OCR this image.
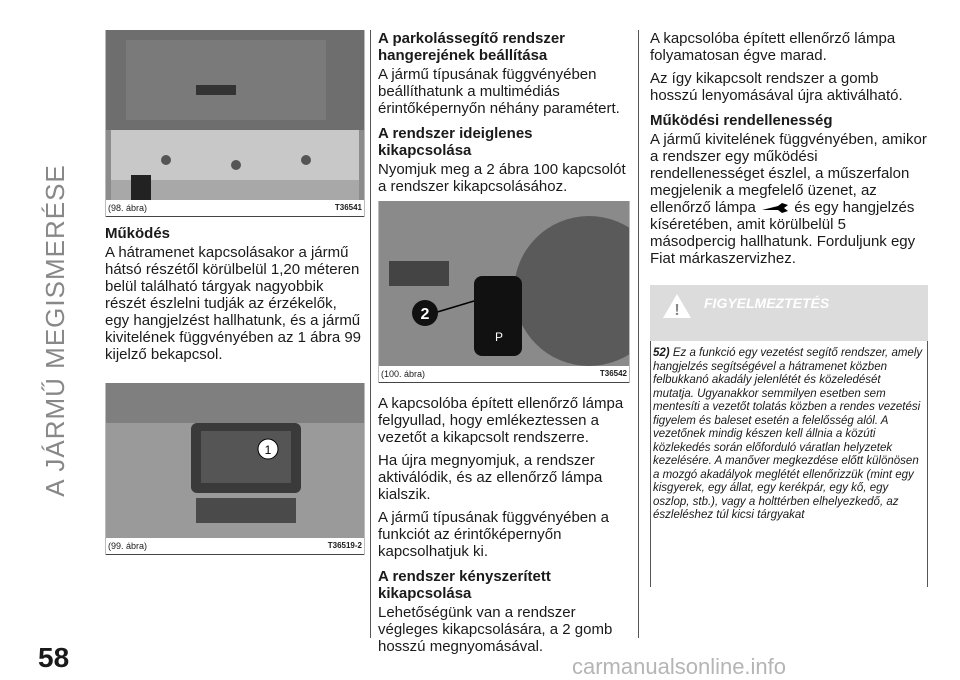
A JÁRMŰ MEGISMERÉSE
58	carmanualsonline.info
(98. ábra)	T36541
Működés

A hátramenet kapcsolásakor a jármű hátsó részétől körülbelül 1,20 méteren belül található tárgyak nagyobbik részét észlelni tudják az érzékelők, egy hangjelzést hallhatunk, és a jármű kivitelének függvényében az 1 ábra 99 kijelző bekapcsol.

1
(99. ábra)	T36519-2
A parkolássegítő rendszer hangerejének beállítása

A jármű típusának függvényében beállíthatunk a multimédiás érintőképernyőn néhány paramétert.

A rendszer ideiglenes kikapcsolása

Nyomjuk meg a 2 ábra 100 kapcsolót a rendszer kikapcsolásához.

P
2
(100. ábra)	T36542

A kapcsolóba épített ellenőrző lámpa felgyullad, hogy emlékeztessen a vezetőt a kikapcsolt rendszerre.

Ha újra megnyomjuk, a rendszer aktiválódik, és az ellenőrző lámpa kialszik.

A jármű típusának függvényében a funkciót az érintőképernyőn kapcsolhatjuk ki.

A rendszer kényszerített kikapcsolása

Lehetőségünk van a rendszer végleges kikapcsolására, a 2 gomb hosszú megnyomásával.

A kapcsolóba épített ellenőrző lámpa folyamatosan égve marad.

Az így kikapcsolt rendszer a gomb hosszú lenyomásával újra aktiválható.

Működési rendellenesség

A jármű kivitelének függvényében, amikor a rendszer egy működési rendellenességet észlel, a műszerfalon megjelenik a megfelelő üzenet, az ellenőrző lámpa	és egy hangjelzés kíséretében, amit körülbelül 5 másodpercig hallhatunk. Forduljunk egy Fiat márkaszervizhez.

! FIGYELMEZTETÉS
52) Ez a funkció egy vezetést segítő rendszer, amely hangjelzés segítségével a hátramenet közben felbukkanó akadály jelenlétét és közeledését mutatja. Ugyanakkor semmilyen esetben sem mentesíti a vezetőt tolatás közben a rendes vezetési figyelem és baleset esetén a felelősség alól. A vezetőnek mindig készen kell állnia a közúti közlekedés során előforduló váratlan helyzetek kezelésére. A manőver megkezdése előtt különösen a mozgó akadályok meglétét ellenőrizzük (mint egy kisgyerek, egy állat, egy kerékpár, egy kő, egy oszlop, stb.), vagy a holttérben elhelyezkedő, az észleléshez túl kicsi tárgyakat
